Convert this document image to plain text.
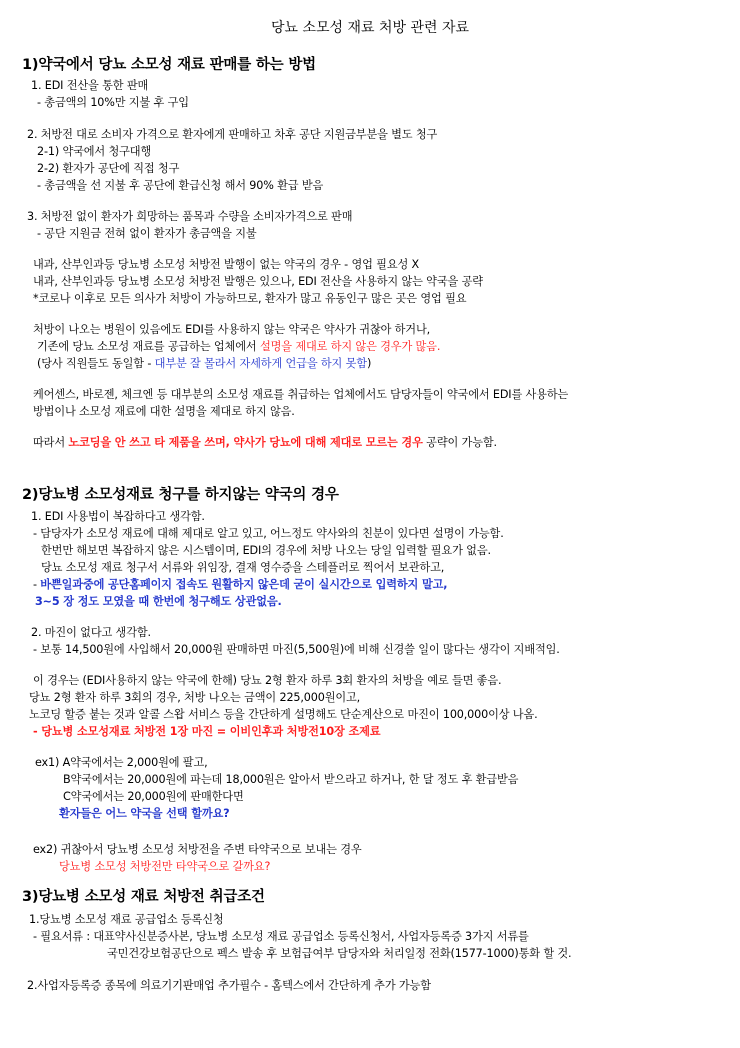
당뇨 소모성 재료 처방 관련 자료
1)약국에서 당뇨 소모성 재료 판매를 하는 방법
1. EDI 전산을 통한 판매
- 총금액의 10%만 지불 후 구입
2. 처방전 대로 소비자 가격으로 환자에게 판매하고 차후 공단 지원금부분을 별도 청구
2-1) 약국에서 청구대행
2-2) 환자가 공단에 직접 청구
- 총금액을 선 지불 후 공단에 환급신청 해서 90% 환급 받음
3. 처방전 없이 환자가 희망하는 품목과 수량을 소비자가격으로 판매
- 공단 지원금 전혀 없이 환자가 총금액을 지불
내과, 산부인과등 당뇨병 소모성 처방전 발행이 없는 약국의 경우 - 영업 필요성 X
내과, 산부인과등 당뇨병 소모성 처방전 발행은 있으나, EDI 전산을 사용하지 않는 약국을 공략
*코로나 이후로 모든 의사가 처방이 가능하므로, 환자가 많고 유동인구 많은 곳은 영업 필요
처방이 나오는 병원이 있음에도 EDI를 사용하지 않는 약국은 약사가 귀찮아 하거나,
기존에 당뇨 소모성 재료를 공급하는 업체에서 설명을 제대로 하지 않은 경우가 많음.
(당사 직원들도 동일함 - 대부분 잘 몰라서 자세하게 언급을 하지 못함)
케어센스, 바로젠, 체크엔 등 대부분의 소모성 재료를 취급하는 업체에서도 담당자들이 약국에서 EDI를 사용하는
방법이나 소모성 재료에 대한 설명을 제대로 하지 않음.
따라서 노코딩을 안 쓰고 타 제품을 쓰며, 약사가 당뇨에 대해 제대로 모르는 경우 공략이 가능함.
2)당뇨병 소모성재료 청구를 하지않는 약국의 경우
1. EDI 사용법이 복잡하다고 생각함.
- 담당자가 소모성 재료에 대해 제대로 알고 있고, 어느정도 약사와의 친분이 있다면 설명이 가능함.
한번만 해보면 복잡하지 않은 시스템이며, EDI의 경우에 처방 나오는 당일 입력할 필요가 없음.
당뇨 소모성 재료 청구서 서류와 위임장, 결재 영수증을 스테플러로 찍어서 보관하고,
- 바쁜일과중에 공단홈페이지 접속도 원활하지 않은데 굳이 실시간으로 입력하지 말고,
3~5 장 정도 모였을 때 한번에 청구해도 상관없음.
2. 마진이 없다고 생각함.
- 보통 14,500원에 사입해서 20,000원 판매하면 마진(5,500원)에 비해 신경쓸 일이 많다는 생각이 지배적임.
이 경우는 (EDI사용하지 않는 약국에 한해) 당뇨 2형 환자 하루 3회 환자의 처방을 예로 들면 좋음.
당뇨 2형 환자 하루 3회의 경우, 처방 나오는 금액이 225,000원이고,
노코딩 할증 붙는 것과 알콜 스왑 서비스 등을 간단하게 설명해도 단순계산으로 마진이 100,000이상 나옴.
- 당뇨병 소모성재료 처방전 1장 마진 = 이비인후과 처방전10장 조제료
ex1) A약국에서는 2,000원에 팔고,
B약국에서는 20,000원에 파는데 18,000원은 알아서 받으라고 하거나, 한 달 정도 후 환급받음
C약국에서는 20,000원에 판매한다면
환자들은 어느 약국을 선택 할까요?
ex2) 귀찮아서 당뇨병 소모성 처방전을 주변 타약국으로 보내는 경우
당뇨병 소모성 처방전만 타약국으로 갈까요?
3)당뇨병 소모성 재료 처방전 취급조건
1.당뇨병 소모성 재료 공급업소 등록신청
- 필요서류 : 대표약사신분증사본, 당뇨병 소모성 재료 공급업소 등록신청서, 사업자등록증 3가지 서류를
국민건강보험공단으로 펙스 발송 후 보험급여부 담당자와 처리일정 전화(1577-1000)통화 할 것.
2.사업자등록증 종목에 의료기기판매업 추가필수 - 홈텍스에서 간단하게 추가 가능함
